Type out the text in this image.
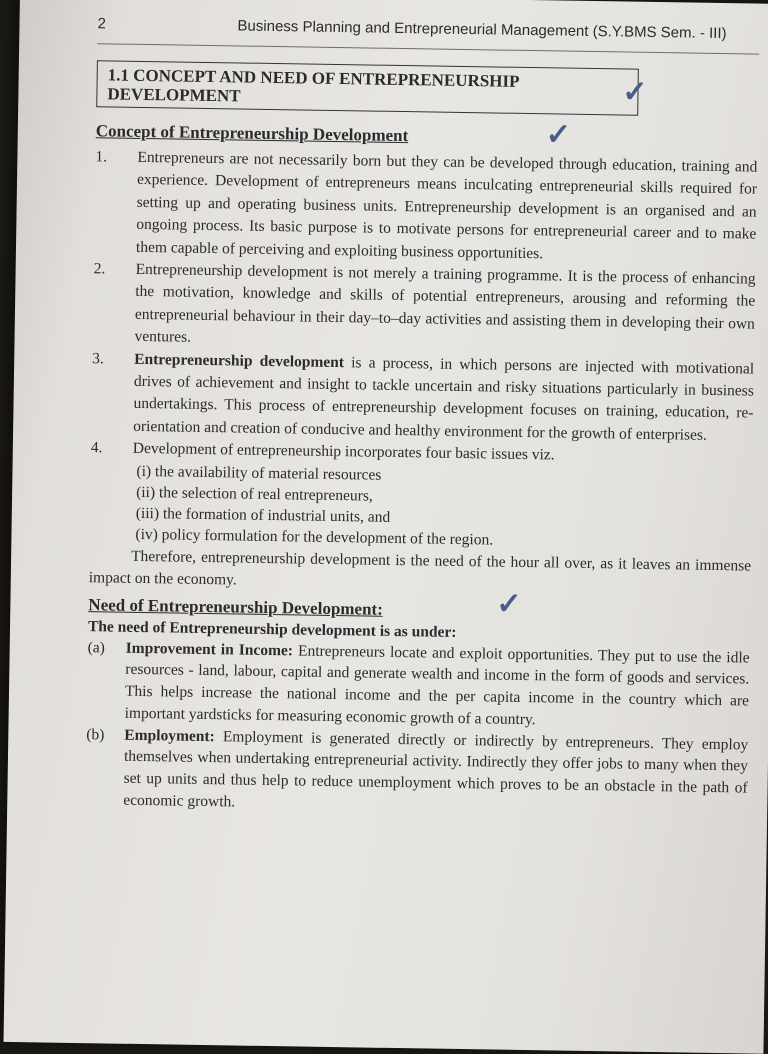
2	Business Planning and Entrepreneurial Management (S.Y.BMS Sem. - III)
1.1 CONCEPT AND NEED OF ENTREPRENEURSHIP DEVELOPMENT	✓
Concept of Entrepreneurship Development	✓
1.	Entrepreneurs are not necessarily born but they can be developed through education, training and experience. Development of entrepreneurs means inculcating entrepreneurial skills required for setting up and operating business units. Entrepreneurship development is an organised and an ongoing process. Its basic purpose is to motivate persons for entrepreneurial career and to make them capable of perceiving and exploiting business opportunities.
2.	Entrepreneurship development is not merely a training programme. It is the process of enhancing the motivation, knowledge and skills of potential entrepreneurs, arousing and reforming the entrepreneurial behaviour in their day–to–day activities and assisting them in developing their own ventures.
3.	Entrepreneurship development is a process, in which persons are injected with motivational drives of achievement and insight to tackle uncertain and risky situations particularly in business undertakings. This process of entrepreneurship development focuses on training, education, re-orientation and creation of conducive and healthy environment for the growth of enterprises.
4.	Development of entrepreneurship incorporates four basic issues viz.
(i) the availability of material resources
(ii) the selection of real entrepreneurs,
(iii) the formation of industrial units, and
(iv) policy formulation for the development of the region.
Therefore, entrepreneurship development is the need of the hour all over, as it leaves an immense impact on the economy.
Need of Entrepreneurship Development:	✓
The need of Entrepreneurship development is as under:
(a)	Improvement in Income: Entrepreneurs locate and exploit opportunities. They put to use the idle resources - land, labour, capital and generate wealth and income in the form of goods and services. This helps increase the national income and the per capita income in the country which are important yardsticks for measuring economic growth of a country.
(b)	Employment: Employment is generated directly or indirectly by entrepreneurs. They employ themselves when undertaking entrepreneurial activity. Indirectly they offer jobs to many when they set up units and thus help to reduce unemployment which proves to be an obstacle in the path of economic growth.
